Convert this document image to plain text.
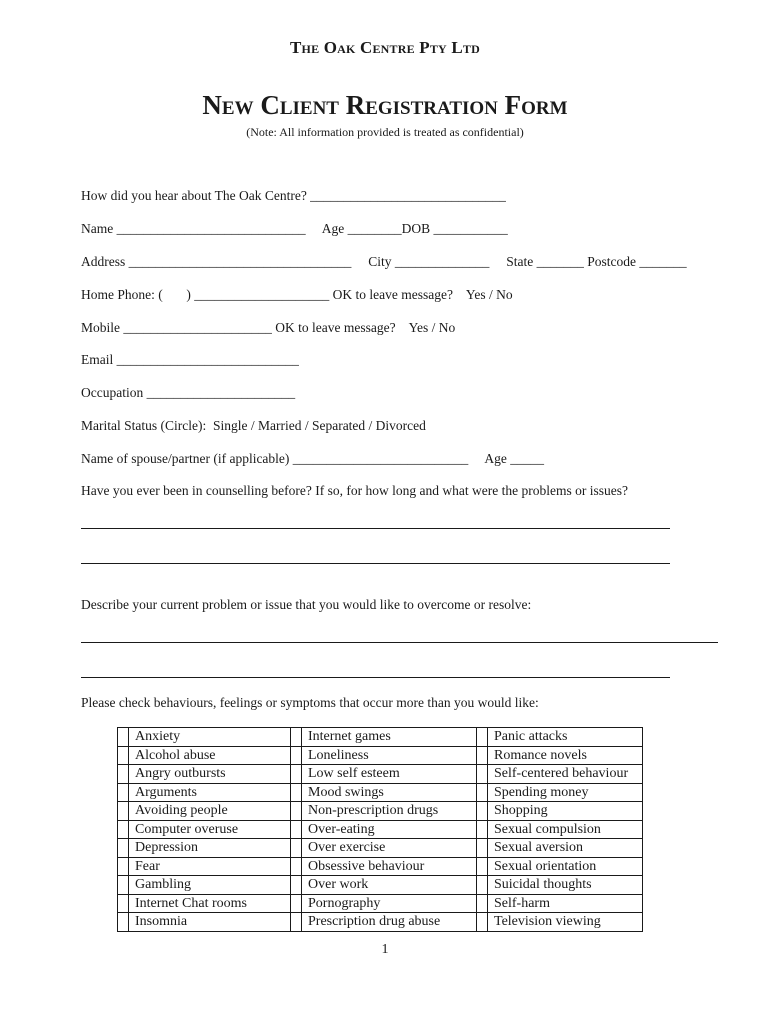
The Oak Centre Pty Ltd
New Client Registration Form
(Note: All information provided is treated as confidential)
How did you hear about The Oak Centre? _____________________________
Name ____________________________     Age ________DOB ___________
Address _________________________________     City ______________     State _______ Postcode _______
Home Phone: (       ) ____________________ OK to leave message?    Yes / No
Mobile ______________________ OK to leave message?    Yes / No
Email ___________________________
Occupation ______________________
Marital Status (Circle):  Single / Married / Separated / Divorced
Name of spouse/partner (if applicable) __________________________     Age _____
Have you ever been in counselling before? If so, for how long and what were the problems or issues?
Describe your current problem or issue that you would like to overcome or resolve:
Please check behaviours, feelings or symptoms that occur more than you would like:
	Anxiety		Internet games		Panic attacks
	Alcohol abuse		Loneliness		Romance novels
	Angry outbursts		Low self esteem		Self-centered behaviour
	Arguments		Mood swings		Spending money
	Avoiding people		Non-prescription drugs		Shopping
	Computer overuse		Over-eating		Sexual compulsion
	Depression		Over exercise		Sexual aversion
	Fear		Obsessive behaviour		Sexual orientation
	Gambling		Over work		Suicidal thoughts
	Internet Chat rooms		Pornography		Self-harm
	Insomnia		Prescription drug abuse		Television viewing
1
